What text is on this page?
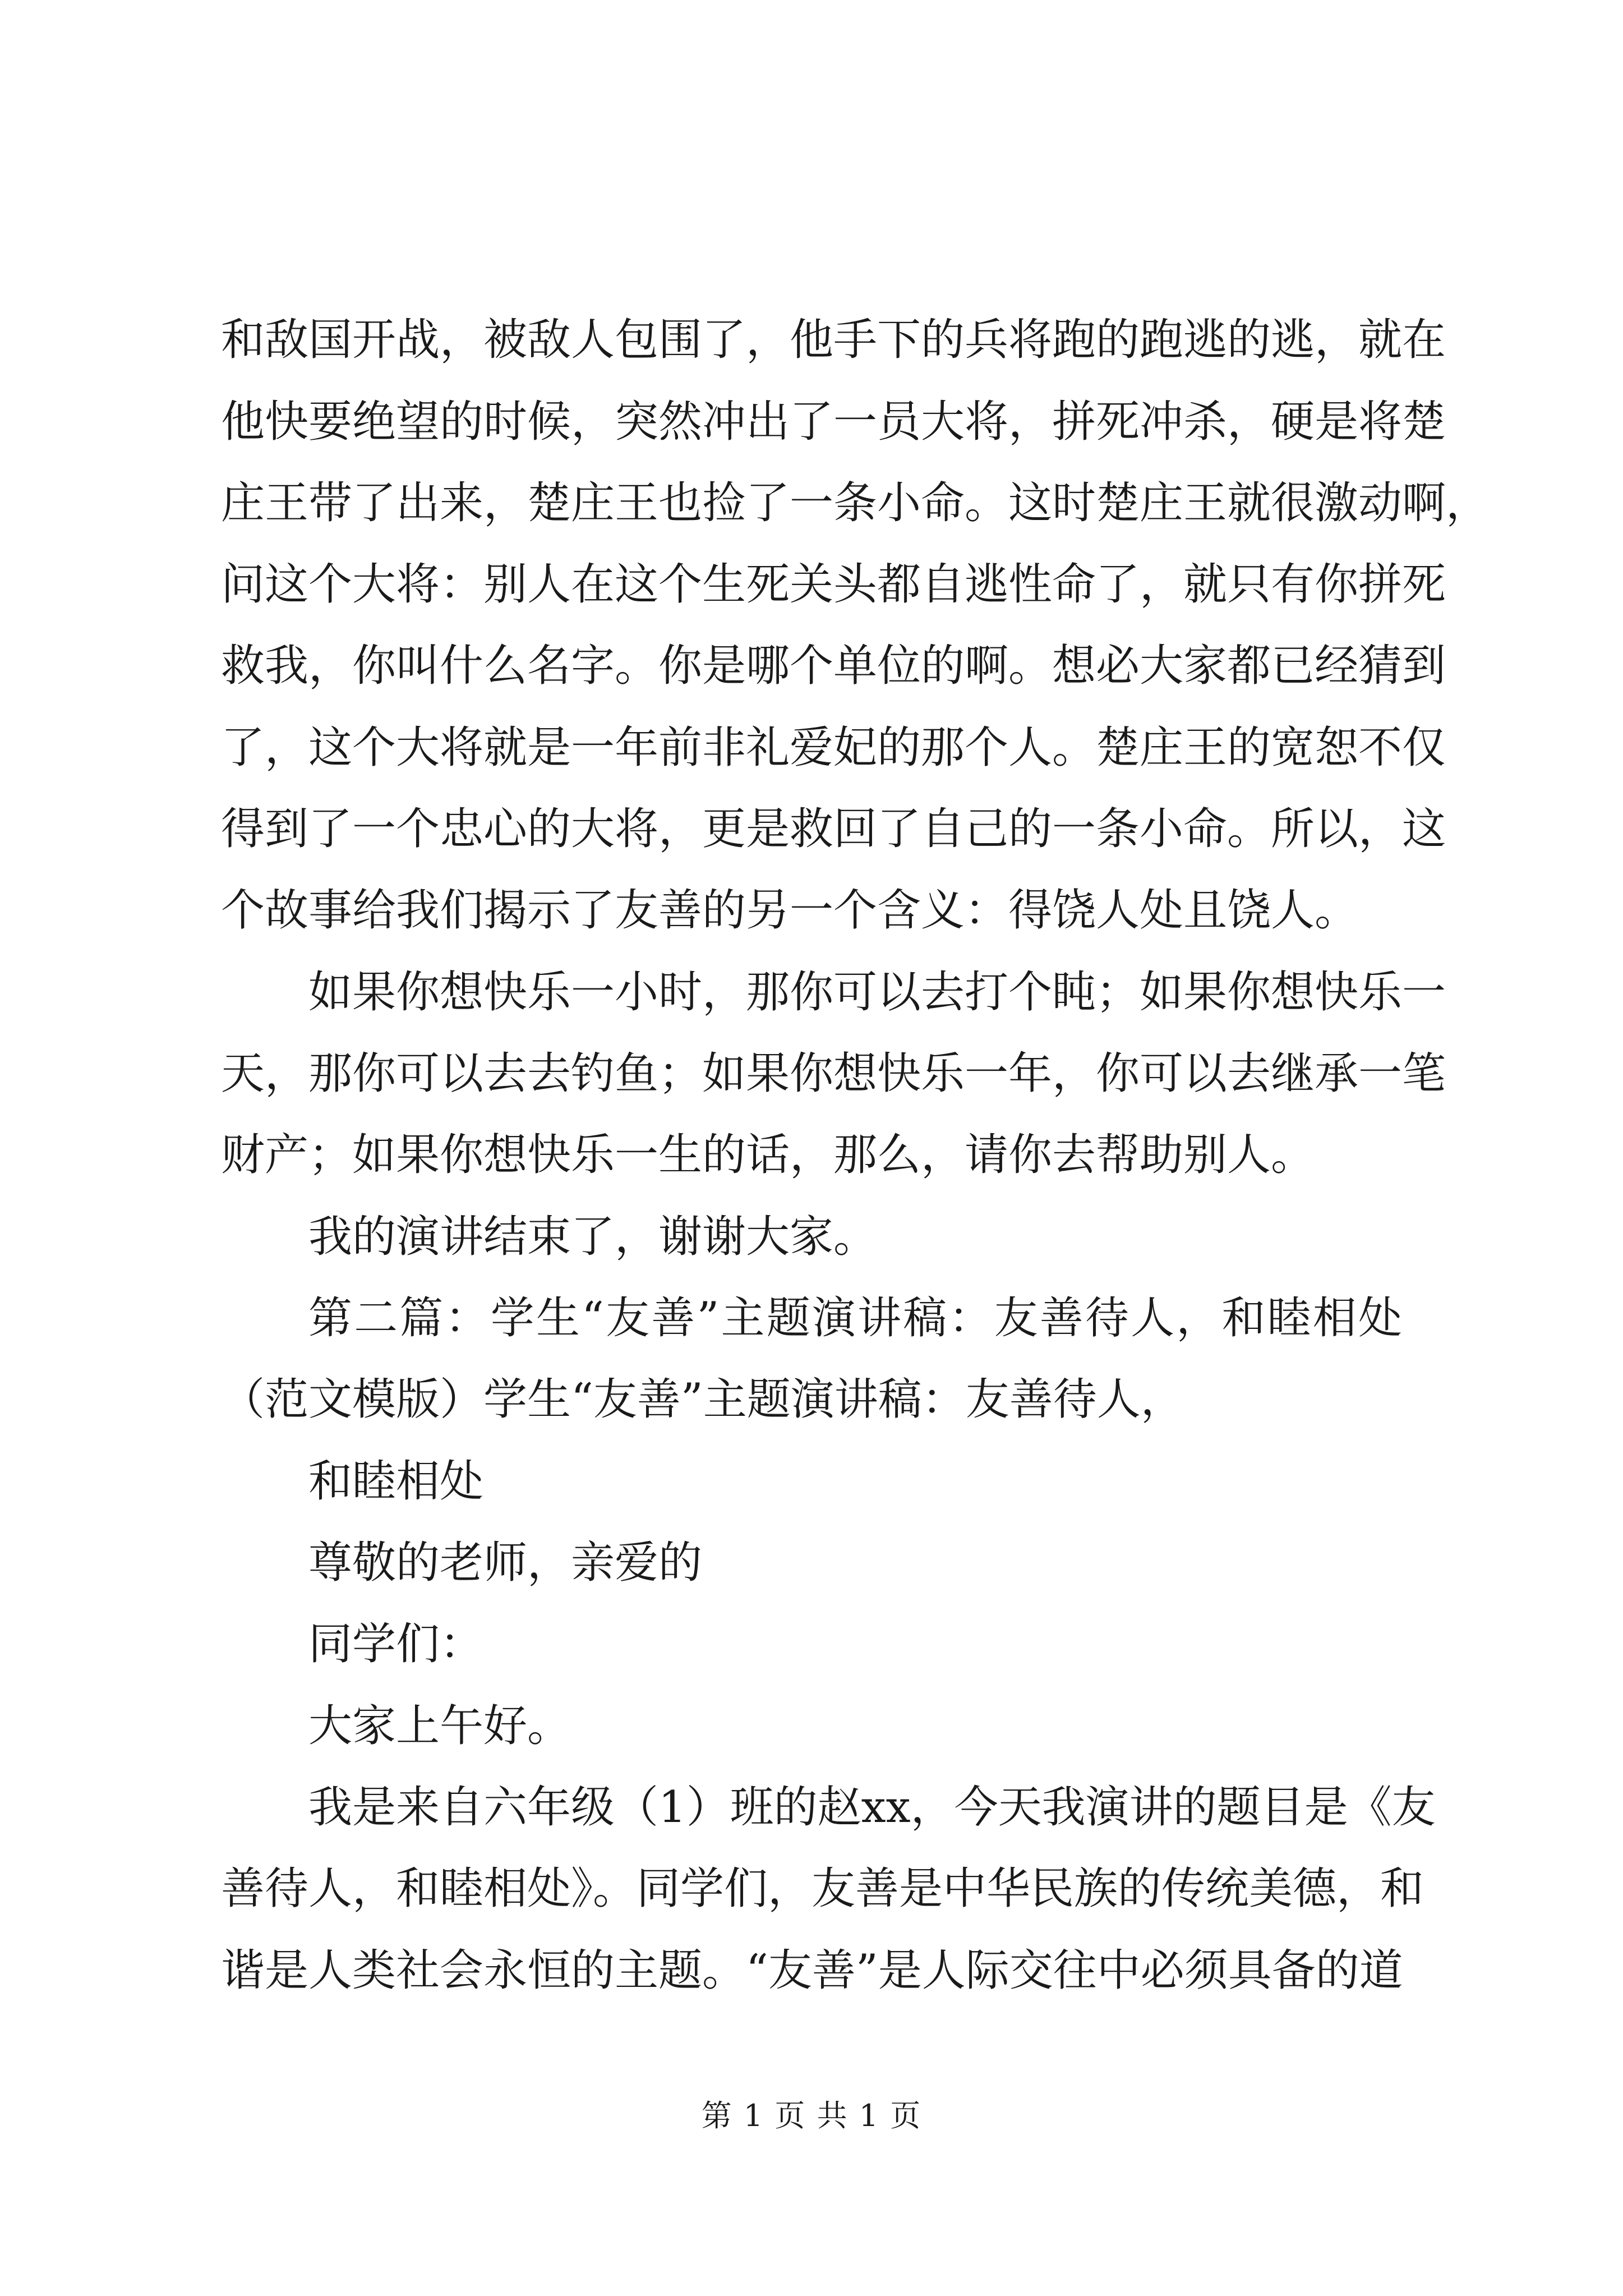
和敌国开战，被敌人包围了，他手下的兵将跑的跑逃的逃，就在
他快要绝望的时候，突然冲出了一员大将，拼死冲杀，硬是将楚
庄王带了出来，楚庄王也捡了一条小命。这时楚庄王就很激动啊，
问这个大将：别人在这个生死关头都自逃性命了，就只有你拼死
救我，你叫什么名字。你是哪个单位的啊。想必大家都已经猜到
了，这个大将就是一年前非礼爱妃的那个人。楚庄王的宽恕不仅
得到了一个忠心的大将，更是救回了自己的一条小命。所以，这
个故事给我们揭示了友善的另一个含义：得饶人处且饶人。
如果你想快乐一小时，那你可以去打个盹；如果你想快乐一
天，那你可以去去钓鱼；如果你想快乐一年，你可以去继承一笔
财产；如果你想快乐一生的话，那么，请你去帮助别人。
我的演讲结束了，谢谢大家。
第二篇：学生“友善”主题演讲稿：友善待人，和睦相处
（范文模版）学生“友善”主题演讲稿：友善待人，
和睦相处
尊敬的老师，亲爱的
同学们：
大家上午好。
我是来自六年级（1）班的赵xx，今天我演讲的题目是《友
善待人，和睦相处》。同学们，友善是中华民族的传统美德，和
谐是人类社会永恒的主题。“友善”是人际交往中必须具备的道
第 1 页 共 1 页
